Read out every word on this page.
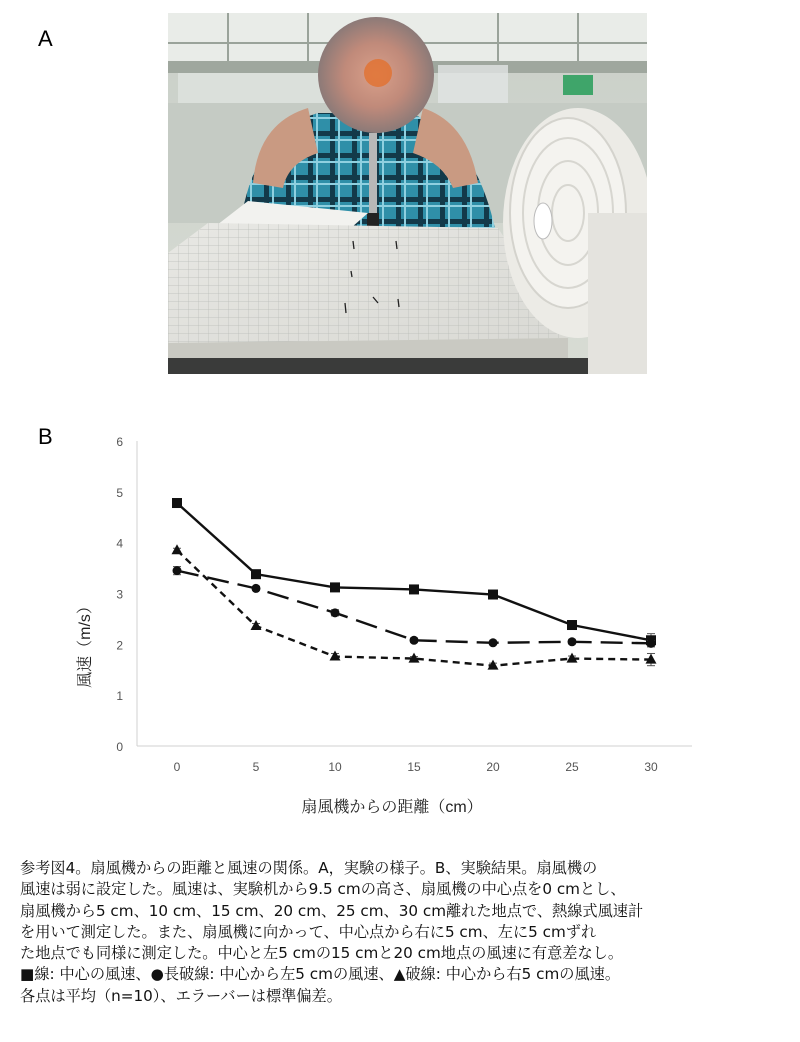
A
B
0
1
2
3
4
5
6
0	5	10	15	20	25	30
扇風機からの距離（cm）
風速（m/s）
参考図4。扇風機からの距離と風速の関係。A，実験の様子。B、実験結果。扇風機の
風速は弱に設定した。風速は、実験机から9.5 cmの高さ、扇風機の中心点を0 cmとし、
扇風機から5 cm、10 cm、15 cm、20 cm、25 cm、30 cm離れた地点で、熱線式風速計
を用いて測定した。また、扇風機に向かって、中心点から右に5 cm、左に5 cmずれ
た地点でも同様に測定した。中心と左5 cmの15 cmと20 cm地点の風速に有意差なし。
■線: 中心の風速、●長破線: 中心から左5 cmの風速、▲破線: 中心から右5 cmの風速。
各点は平均（n=10）、エラーバーは標準偏差。
